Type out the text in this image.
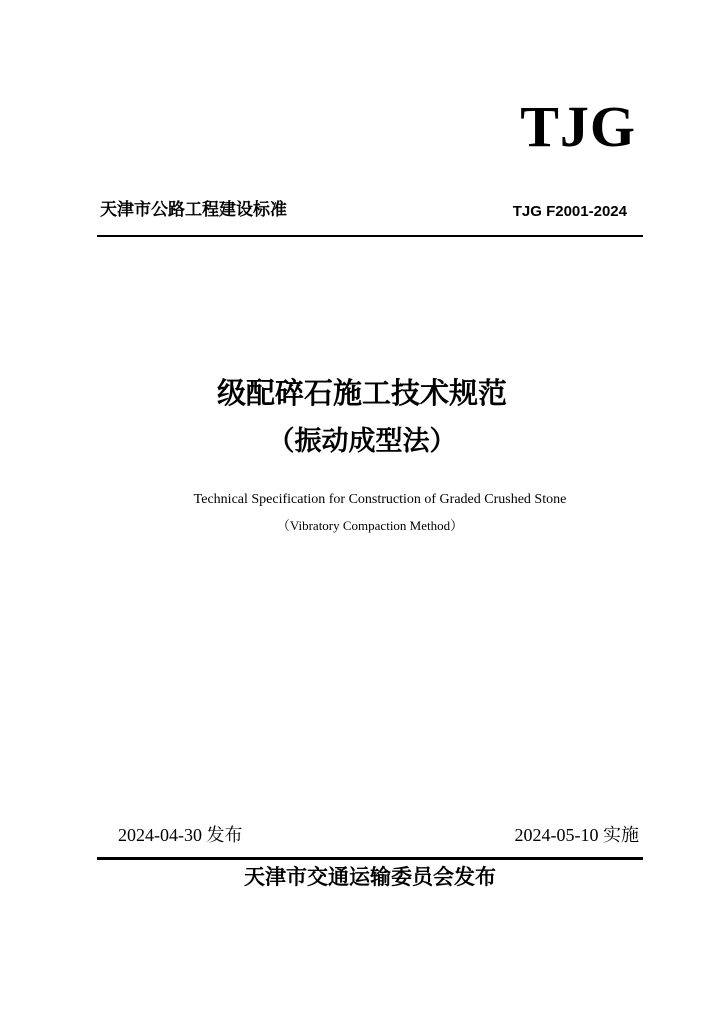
TJG
天津市公路工程建设标准	TJG F2001-2024
级配碎石施工技术规范
（振动成型法）
Technical Specification for Construction of Graded Crushed Stone
（Vibratory Compaction Method）
2024-04-30 发布	2024-05-10 实施
天津市交通运输委员会发布
